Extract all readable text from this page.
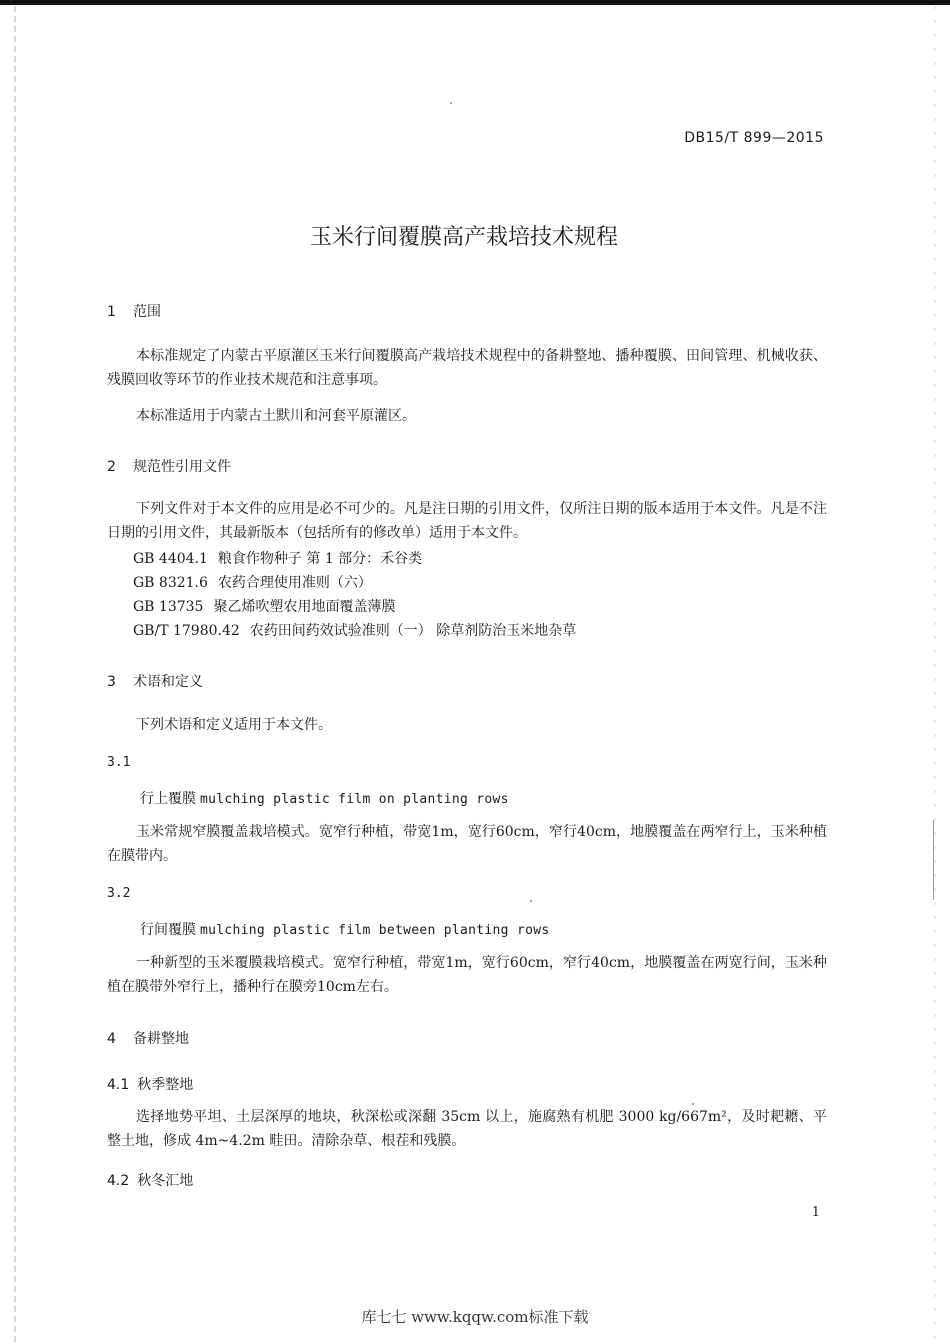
DB15/T 899—2015
玉米行间覆膜高产栽培技术规程
1 范围
本标准规定了内蒙古平原灌区玉米行间覆膜高产栽培技术规程中的备耕整地、播种覆膜、田间管理、机械收获、残膜回收等环节的作业技术规范和注意事项。
本标准适用于内蒙古土默川和河套平原灌区。
2 规范性引用文件
下列文件对于本文件的应用是必不可少的。凡是注日期的引用文件，仅所注日期的版本适用于本文件。凡是不注日期的引用文件，其最新版本（包括所有的修改单）适用于本文件。
GB 4404.1 粮食作物种子 第 1 部分：禾谷类
GB 8321.6 农药合理使用准则（六）
GB 13735 聚乙烯吹塑农用地面覆盖薄膜
GB/T 17980.42 农药田间药效试验准则（一） 除草剂防治玉米地杂草
3 术语和定义
下列术语和定义适用于本文件。
3.1
行上覆膜 mulching plastic film on planting rows
玉米常规窄膜覆盖栽培模式。宽窄行种植，带宽1m，宽行60cm，窄行40cm，地膜覆盖在两窄行上，玉米种植在膜带内。
3.2
行间覆膜 mulching plastic film between planting rows
一种新型的玉米覆膜栽培模式。宽窄行种植，带宽1m，宽行60cm，窄行40cm，地膜覆盖在两宽行间，玉米种植在膜带外窄行上，播种行在膜旁10cm左右。
4 备耕整地
4.1 秋季整地
选择地势平坦、土层深厚的地块，秋深松或深翻 35cm 以上，施腐熟有机肥 3000 kg/667m²，及时耙耱、平整土地，修成 4m~4.2m 畦田。清除杂草、根茬和残膜。
4.2 秋冬汇地
1
库七七 www.kqqw.com标准下载
